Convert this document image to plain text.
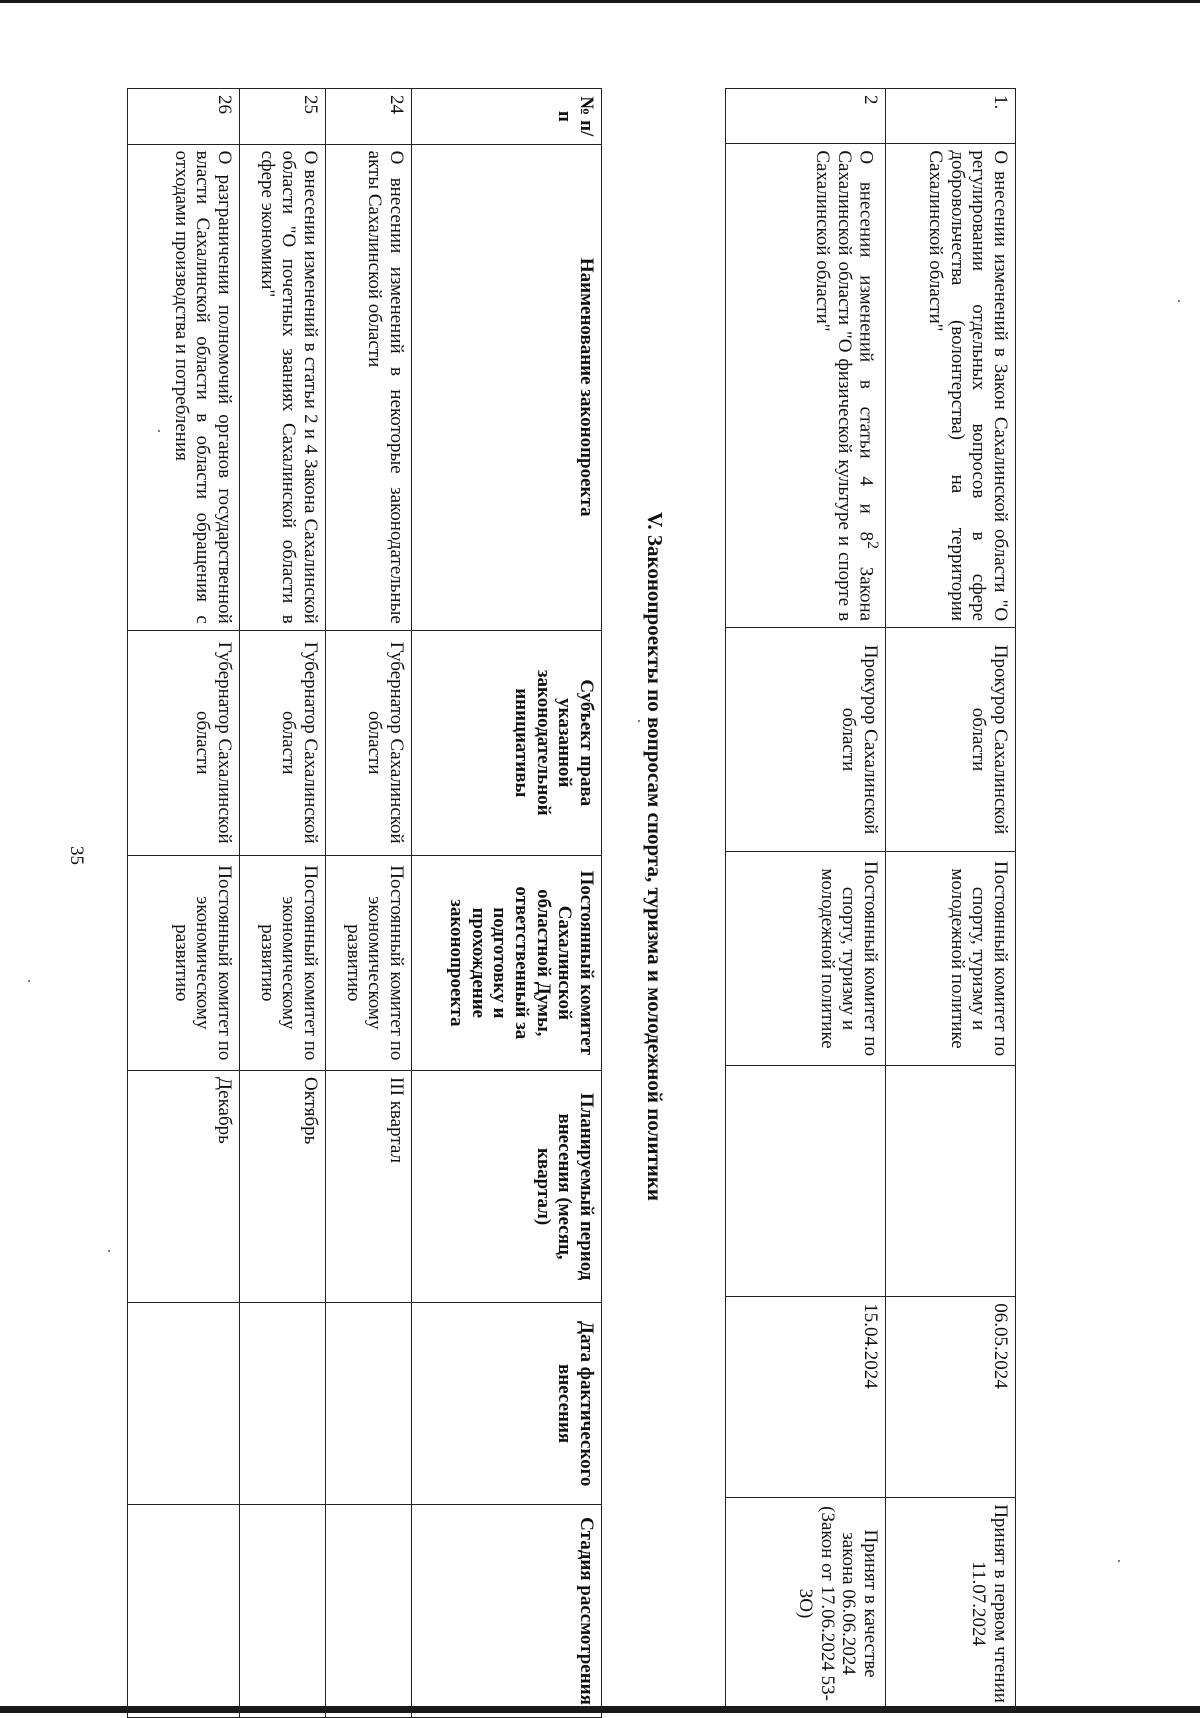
35
№ п/п	Наименование законопроекта	Субъект права указанной законодательной инициативы	Постоянный комитет Сахалинской областной Думы, ответственный за подготовку и прохождение законопроекта	Планируемый период внесения (месяц, квартал)	Дата фактического внесения	Стадия рассмотрения
24	О внесении изменений в некоторые законодательные акты Сахалинской области	Губернатор Сахалинской области	Постоянный комитет по экономическому развитию	III квартал		
25	О внесении изменений в статьи 2 и 4 Закона Сахалинской области "О почетных званиях Сахалинской области в сфере экономики"	Губернатор Сахалинской области	Постоянный комитет по экономическому развитию	Октябрь		
26	О разграничении полномочий органов государственной власти Сахалинской области в области обращения с отходами производства и потребления	Губернатор Сахалинской области	Постоянный комитет по экономическому развитию	Декабрь			V. Законопроекты по вопросам спорта, туризма и молодежной политики
1.	О внесении изменений в Закон Сахалинской области "О регулировании отдельных вопросов в сфере добровольчества (волонтерства) на территории Сахалинской области"	Прокурор Сахалинской области	Постоянный комитет по спорту, туризму и молодежной политике		06.05.2024	Принят в первом чтении 11.07.2024
2	О внесении изменений в статьи 4 и $8^2$ Закона Сахалинской области "О физической культуре и спорте в Сахалинской области"	Прокурор Сахалинской области	Постоянный комитет по спорту, туризму и молодежной политике		15.04.2024	Принят в качестве закона 06.06.2024 (Закон от 17.06.2024 53-ЗО)
